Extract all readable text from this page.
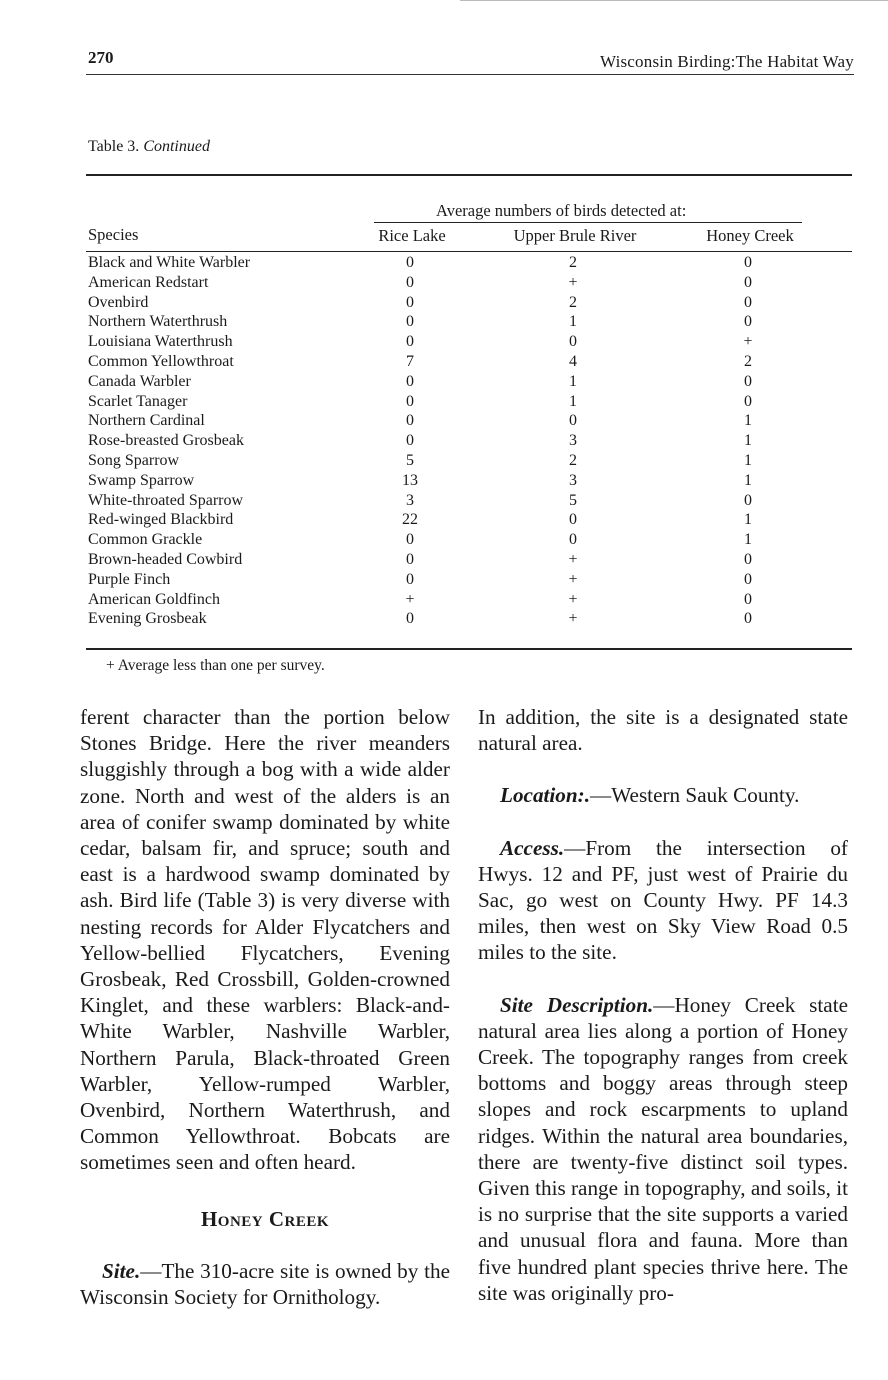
270	Wisconsin Birding:The Habitat Way
Table 3. Continued
Average numbers of birds detected at:
Species	Rice Lake	Upper Brule River	Honey Creek
Black and White Warbler	0	2	0
American Redstart	0	+	0
Ovenbird	0	2	0
Northern Waterthrush	0	1	0
Louisiana Waterthrush	0	0	+
Common Yellowthroat	7	4	2
Canada Warbler	0	1	0
Scarlet Tanager	0	1	0
Northern Cardinal	0	0	1
Rose-breasted Grosbeak	0	3	1
Song Sparrow	5	2	1
Swamp Sparrow	13	3	1
White-throated Sparrow	3	5	0
Red-winged Blackbird	22	0	1
Common Grackle	0	0	1
Brown-headed Cowbird	0	+	0
Purple Finch	0	+	0
American Goldfinch	+	+	0
Evening Grosbeak	0	+	0
+ Average less than one per survey.

ferent character than the portion below Stones Bridge. Here the river meanders sluggishly through a bog with a wide alder zone. North and west of the alders is an area of conifer swamp dominated by white cedar, balsam fir, and spruce; south and east is a hardwood swamp dominated by ash. Bird life (Table 3) is very diverse with nesting records for Alder Flycatchers and Yellow-bellied Flycatchers, Evening Grosbeak, Red Crossbill, Golden-crowned Kinglet, and these warblers: Black-and-White Warbler, Nashville Warbler, Northern Parula, Black-throated Green Warbler, Yellow-rumped Warbler, Ovenbird, Northern Waterthrush, and Common Yellowthroat. Bobcats are sometimes seen and often heard.

Honey Creek

Site.—The 310-acre site is owned by the Wisconsin Society for Ornithology.

In addition, the site is a designated state natural area.

Location:.—Western Sauk County.

Access.—From the intersection of Hwys. 12 and PF, just west of Prairie du Sac, go west on County Hwy. PF 14.3 miles, then west on Sky View Road 0.5 miles to the site.

Site Description.—Honey Creek state natural area lies along a portion of Honey Creek. The topography ranges from creek bottoms and boggy areas through steep slopes and rock escarpments to upland ridges. Within the natural area boundaries, there are twenty-five distinct soil types. Given this range in topography, and soils, it is no surprise that the site supports a varied and unusual flora and fauna. More than five hundred plant species thrive here. The site was originally pro-
